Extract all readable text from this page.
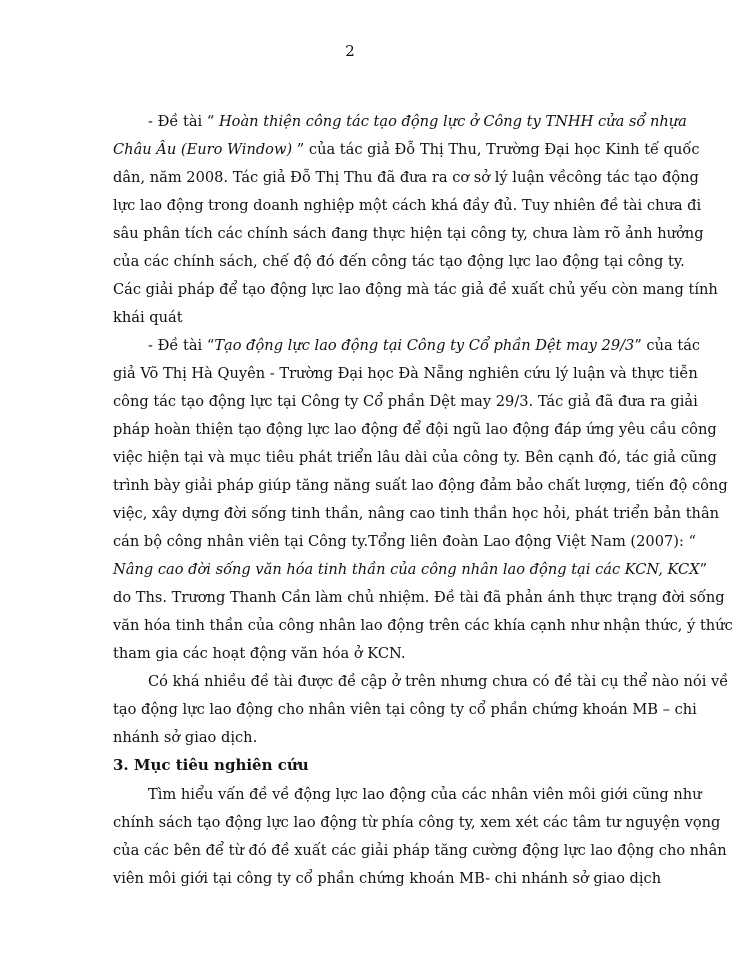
2
- Đề tài “ Hoàn thiện công tác tạo động lực ở Công ty TNHH cửa sổ nhựa
Châu Âu (Euro Window) ” của tác giả Đỗ Thị Thu, Trường Đại học Kinh tế quốc
dân, năm 2008. Tác giả Đỗ Thị Thu đã đưa ra cơ sở lý luận vềcông tác tạo động
lực lao động trong doanh nghiệp một cách khá đầy đủ. Tuy nhiên đề tài chưa đi
sâu phân tích các chính sách đang thực hiện tại công ty, chưa làm rõ ảnh hưởng
của các chính sách, chế độ đó đến công tác tạo động lực lao động tại công ty.
Các giải pháp để tạo động lực lao động mà tác giả đề xuất chủ yếu còn mang tính
khái quát
- Đề tài “Tạo động lực lao động tại Công ty Cổ phần Dệt may 29/3” của tác
giả Võ Thị Hà Quyên - Trường Đại học Đà Nẵng nghiên cứu lý luận và thực tiễn
công tác tạo động lực tại Công ty Cổ phần Dệt may 29/3. Tác giả đã đưa ra giải
pháp hoàn thiện tạo động lực lao động để đội ngũ lao động đáp ứng yêu cầu công
việc hiện tại và mục tiêu phát triển lâu dài của công ty. Bên cạnh đó, tác giả cũng
trình bày giải pháp giúp tăng năng suất lao động đảm bảo chất lượng, tiến độ công
việc, xây dựng đời sống tinh thần, nâng cao tinh thần học hỏi, phát triển bản thân
cán bộ công nhân viên tại Công ty.Tổng liên đoàn Lao động Việt Nam (2007): “
Nâng cao đời sống văn hóa tinh thần của công nhân lao động tại các KCN, KCX”
do Ths. Trương Thanh Cần làm chủ nhiệm. Đề tài đã phản ánh thực trạng đời sống
văn hóa tinh thần của công nhân lao động trên các khía cạnh như nhận thức, ý thức
tham gia các hoạt động văn hóa ở KCN.
Có khá nhiều đề tài được đề cập ở trên nhưng chưa có đề tài cụ thể nào nói về
tạo động lực lao động cho nhân viên tại công ty cổ phần chứng khoán MB – chi
nhánh sở giao dịch.
3. Mục tiêu nghiên cứu
Tìm hiểu vấn đề về động lực lao động của các nhân viên môi giới cũng như
chính sách tạo động lực lao động từ phía công ty, xem xét các tâm tư nguyện vọng
của các bên để từ đó đề xuất các giải pháp tăng cường động lực lao động cho nhân
viên môi giới tại công ty cổ phần chứng khoán MB- chi nhánh sở giao dịch
